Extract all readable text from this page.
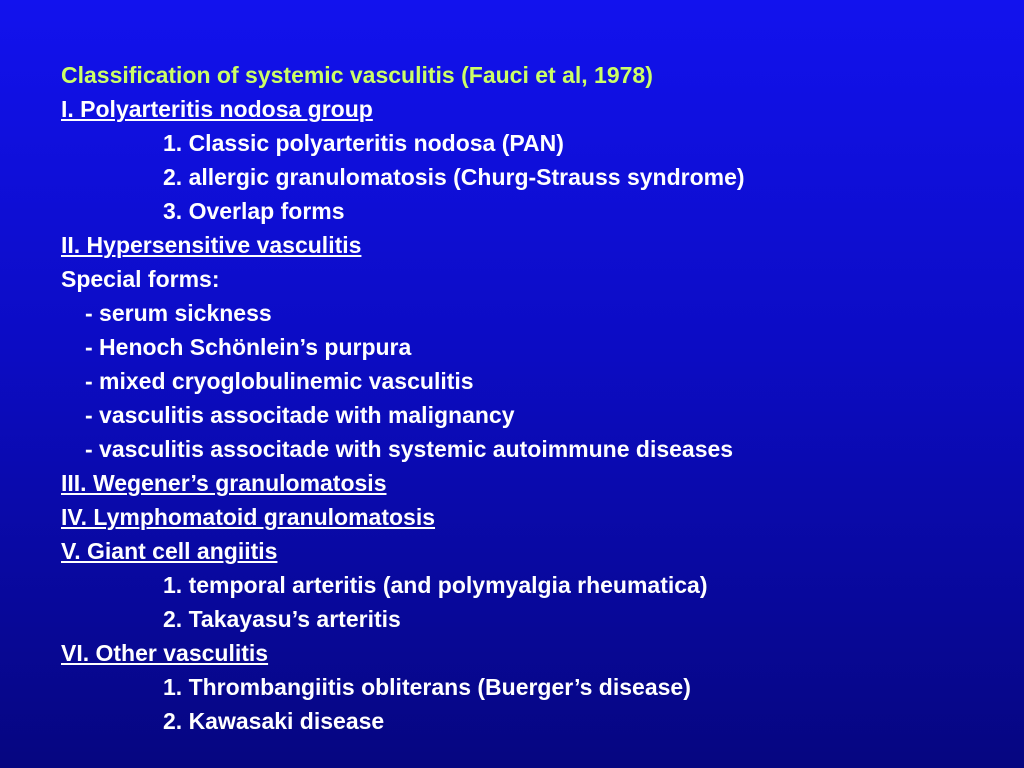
Classification of systemic vasculitis (Fauci et al, 1978)
I. Polyarteritis nodosa group
1. Classic polyarteritis nodosa (PAN)
2. allergic granulomatosis (Churg-Strauss syndrome)
3. Overlap forms
II. Hypersensitive vasculitis
Special forms:
- serum sickness
- Henoch Schönlein’s purpura
- mixed cryoglobulinemic vasculitis
- vasculitis associtade with malignancy
- vasculitis associtade with systemic autoimmune diseases
III. Wegener’s granulomatosis
IV. Lymphomatoid granulomatosis
V. Giant cell angiitis
1. temporal arteritis (and polymyalgia rheumatica)
2. Takayasu’s arteritis
VI. Other vasculitis
1. Thrombangiitis obliterans (Buerger’s disease)
2. Kawasaki disease
